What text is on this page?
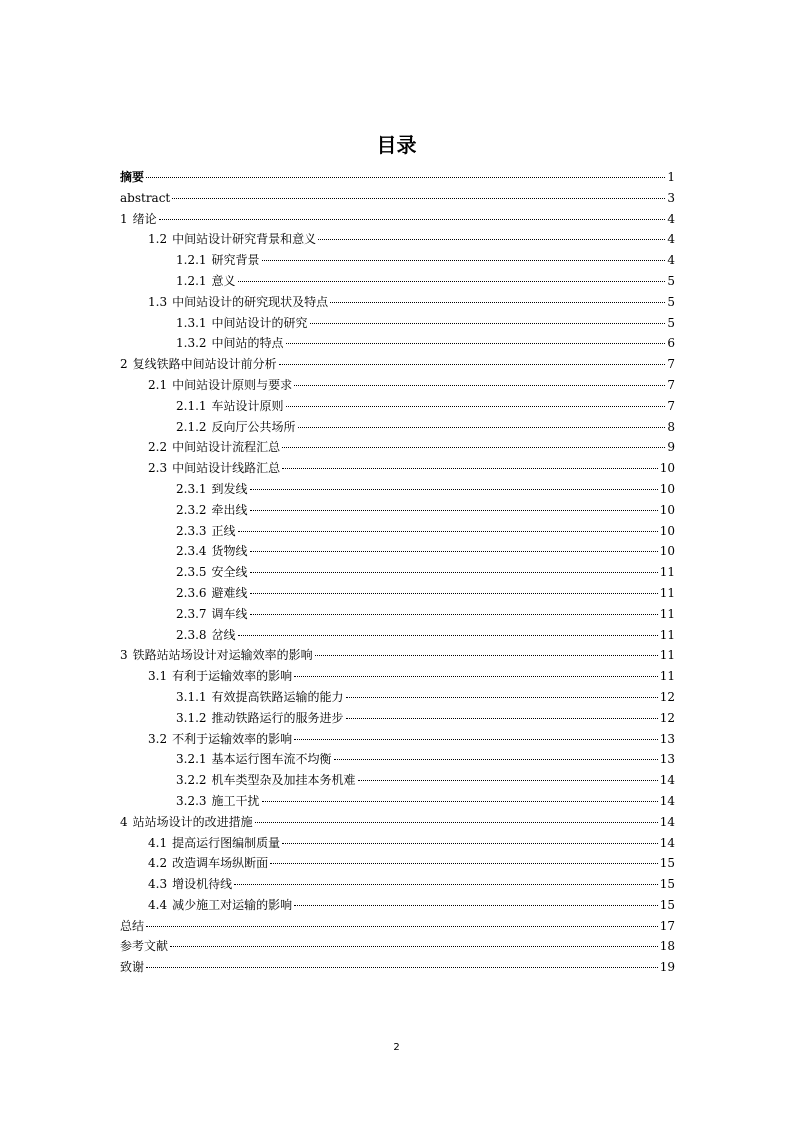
目录
摘要	1
abstract	3
1 绪论	4
1.2 中间站设计研究背景和意义	4
1.2.1 研究背景	4
1.2.1 意义	5
1.3 中间站设计的研究现状及特点	5
1.3.1 中间站设计的研究	5
1.3.2 中间站的特点	6
2 复线铁路中间站设计前分析	7
2.1 中间站设计原则与要求	7
2.1.1 车站设计原则	7
2.1.2 反向厅公共场所	8
2.2 中间站设计流程汇总	9
2.3 中间站设计线路汇总	10
2.3.1 到发线	10
2.3.2 牵出线	10
2.3.3 正线	10
2.3.4 货物线	10
2.3.5 安全线	11
2.3.6 避难线	11
2.3.7 调车线	11
2.3.8 岔线	11
3 铁路站站场设计对运输效率的影响	11
3.1 有利于运输效率的影响	11
3.1.1 有效提高铁路运输的能力	12
3.1.2 推动铁路运行的服务进步	12
3.2 不利于运输效率的影响	13
3.2.1 基本运行图车流不均衡	13
3.2.2 机车类型杂及加挂本务机难	14
3.2.3 施工干扰	14
4 站站场设计的改进措施	14
4.1 提高运行图编制质量	14
4.2 改造调车场纵断面	15
4.3 增设机待线	15
4.4 减少施工对运输的影响	15
总结	17
参考文献	18
致谢	19
2
